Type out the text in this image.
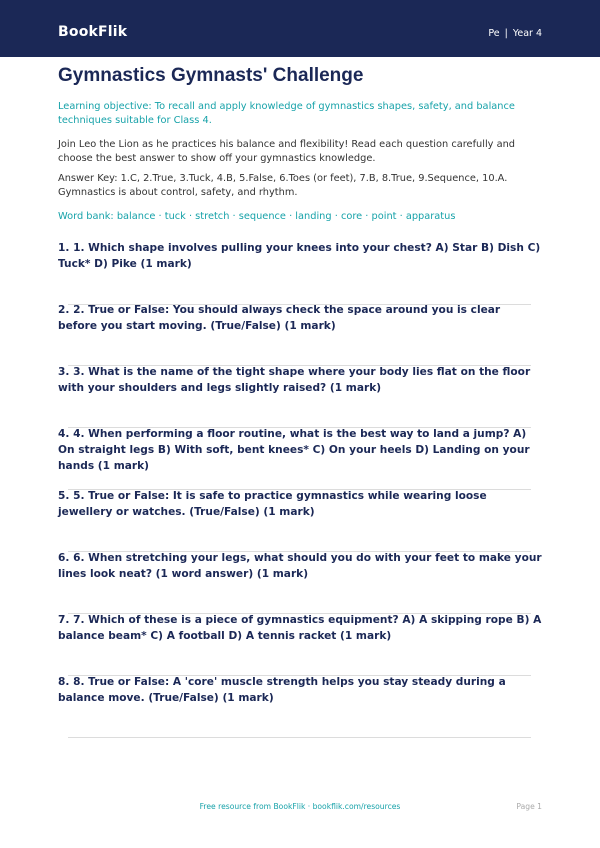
BookFlik	Pe | Year 4
Gymnastics Gymnasts' Challenge
Learning objective: To recall and apply knowledge of gymnastics shapes, safety, and balance techniques suitable for Class 4.
Join Leo the Lion as he practices his balance and flexibility! Read each question carefully and choose the best answer to show off your gymnastics knowledge.
Answer Key: 1.C, 2.True, 3.Tuck, 4.B, 5.False, 6.Toes (or feet), 7.B, 8.True, 9.Sequence, 10.A. Gymnastics is about control, safety, and rhythm.
Word bank: balance · tuck · stretch · sequence · landing · core · point · apparatus
1. 1. Which shape involves pulling your knees into your chest? A) Star B) Dish C) Tuck* D) Pike (1 mark)
2. 2. True or False: You should always check the space around you is clear before you start moving. (True/False) (1 mark)
3. 3. What is the name of the tight shape where your body lies flat on the floor with your shoulders and legs slightly raised? (1 mark)
4. 4. When performing a floor routine, what is the best way to land a jump? A) On straight legs B) With soft, bent knees* C) On your heels D) Landing on your hands (1 mark)
5. 5. True or False: It is safe to practice gymnastics while wearing loose jewellery or watches. (True/False) (1 mark)
6. 6. When stretching your legs, what should you do with your feet to make your lines look neat? (1 word answer) (1 mark)
7. 7. Which of these is a piece of gymnastics equipment? A) A skipping rope B) A balance beam* C) A football D) A tennis racket (1 mark)
8. 8. True or False: A 'core' muscle strength helps you stay steady during a balance move. (True/False) (1 mark)
Free resource from BookFlik · bookflik.com/resources	Page 1
